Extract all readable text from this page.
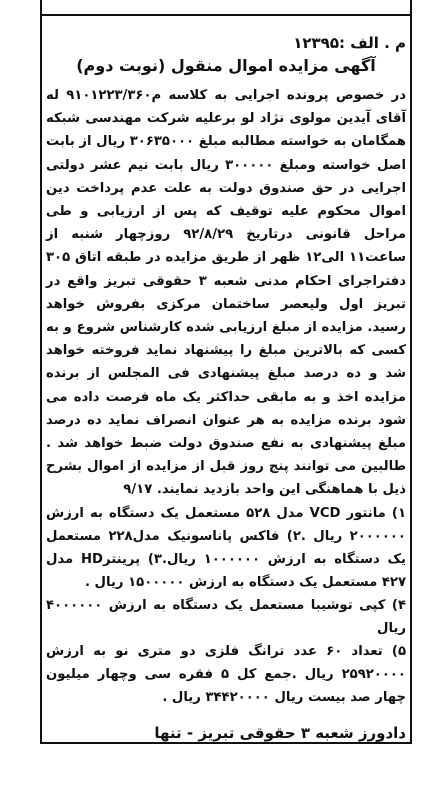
م . الف :۱۲۳۹۵

آگهی مزایده اموال منقول (نوبت دوم)

در خصوص پرونده اجرایی به کلاسه م۹۱۰۱۲۲۳/۳۶۰ له آقای آیدین مولوی نژاد لو برعلیه شرکت مهندسی شبکه همگامان به خواسته مطالبه مبلغ ۳۰۶۳۵۰۰۰ ریال از بابت اصل خواسته ومبلغ ۳۰۰۰۰۰ ریال بابت نیم عشر دولتی اجرایی در حق صندوق دولت به علت عدم پرداخت دین اموال محکوم علیه توقیف که پس از ارزیابی و طی مراحل قانونی درتاریخ ۹۲/۸/۲۹ روزچهار شنبه از ساعت۱۱ الی۱۲ ظهر از طریق مزایده در طبقه اتاق ۳۰۵ دفتراجرای احکام مدنی شعبه ۳ حقوقی تبریز واقع در تبریز اول ولیعصر ساختمان مرکزی بفروش خواهد رسید. مزایده از مبلغ ارزیابی شده کارشناس شروع و به کسی که بالاترین مبلغ را پیشنهاد نماید فروخته خواهد شد و ده درصد مبلغ پیشنهادی فی المجلس از برنده مزایده اخذ و به مابقی حداکثر یک ماه فرصت داده می شود برنده مزایده به هر عنوان انصراف نماید ده درصد مبلغ پیشنهادی به نفع صندوق دولت ضبط خواهد شد . طالبین می توانند پنج روز قبل از مزایده از اموال بشرح ذیل با هماهنگی این واحد بازدید نمایند. ۹/۱۷

۱) مانتور VCD مدل ۵۲۸ مستعمل یک دستگاه به ارزش ۲۰۰۰۰۰۰ ریال .۲) فاکس پاناسونیک مدل۲۲۸ مستعمل یک دستگاه به ارزش ۱۰۰۰۰۰۰ ریال.۳) پرینترHD مدل ۴۲۷ مستعمل یک دستگاه به ارزش ۱۵۰۰۰۰۰ ریال .

۴) کپی توشیبا مستعمل یک دستگاه به ارزش ۴۰۰۰۰۰۰ ریال

۵) تعداد ۶۰ عدد ترانگ فلزی دو متری نو به ارزش ۲۵۹۲۰۰۰۰ ریال .جمع کل ۵ فقره سی وچهار میلیون چهار صد بیست ریال ۳۴۴۲۰۰۰۰ ریال .

دادورز شعبه ۳ حقوقی تبریز - تنها
